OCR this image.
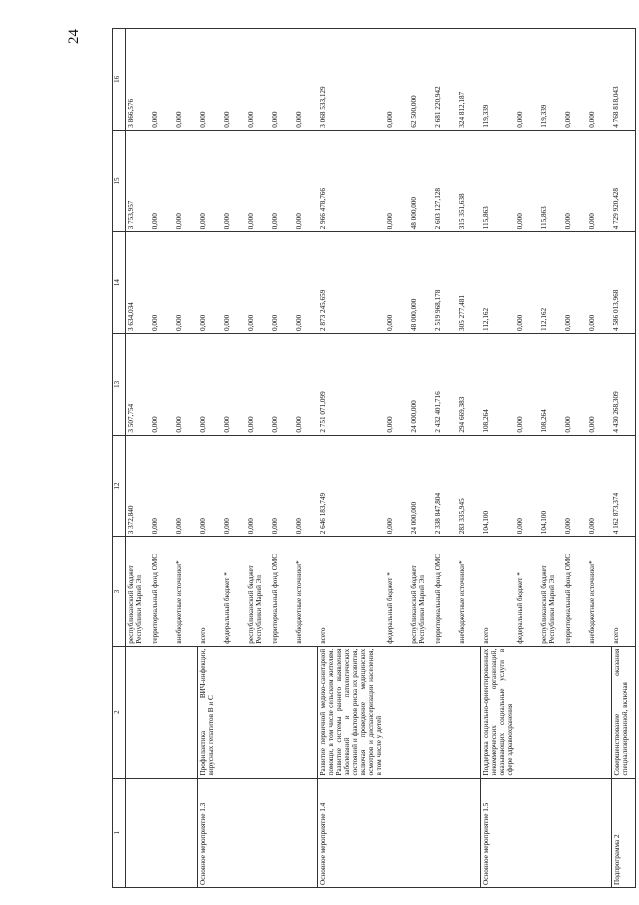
24
1	2	3	12	13	14	15	16
		республиканский бюджет Республики Марий Эл	3 372,840	3 507,754	3 634,034	3 753,957	3 866,576
		территориальный фонд ОМС	0,000	0,000	0,000	0,000	0,000
		внебюджетные источники*	0,000	0,000	0,000	0,000	0,000
Основное мероприятие 1.3	Профилактика ВИЧ-инфекции, вирусных гепатитов В и С	всего	0,000	0,000	0,000	0,000	0,000
		федеральный бюджет *	0,000	0,000	0,000	0,000	0,000
		республиканский бюджет Республики Марий Эл	0,000	0,000	0,000	0,000	0,000
		территориальный фонд ОМС	0,000	0,000	0,000	0,000	0,000
		внебюджетные источники*	0,000	0,000	0,000	0,000	0,000
Основное мероприятие 1.4	Развитие первичной медико-санитарной помощи, в том числе сельским жителям. Развитие системы раннего выявления заболеваний и патологических состояний и факторов риска их развития, включая проведение медицинских осмотров и диспансеризации населения, в том числе у детей	всего	2 646 183,749	2 751 071,099	2 873 245,659	2 966 478,766	3 068 533,129
		федеральный бюджет *	0,000	0,000	0,000	0,000	0,000
		республиканский бюджет Республики Марий Эл	24 000,000	24 000,000	48 000,000	48 000,000	62 500,000
		территориальный фонд ОМС	2 338 847,804	2 432 401,716	2 519 968,178	2 603 127,128	2 681 220,942
		внебюджетные источники*	283 335,945	294 669,383	305 277,481	315 351,638	324 812,187
Основное мероприятие 1.5	Поддержка социально-ориентированных некоммерческих организаций, оказывающих социальные услуги в сфере здравоохранения	всего	104,100	108,264	112,162	115,863	119,339
		федеральный бюджет *	0,000	0,000	0,000	0,000	0,000
		республиканский бюджет Республики Марий Эл	104,100	108,264	112,162	115,863	119,339
		территориальный фонд ОМС	0,000	0,000	0,000	0,000	0,000
		внебюджетные источники*	0,000	0,000	0,000	0,000	0,000
Подпрограмма 2	Совершенствование оказания специализированной, включая	всего	4 162 873,374	4 430 268,309	4 586 013,968	4 729 920,428	4 768 818,043
